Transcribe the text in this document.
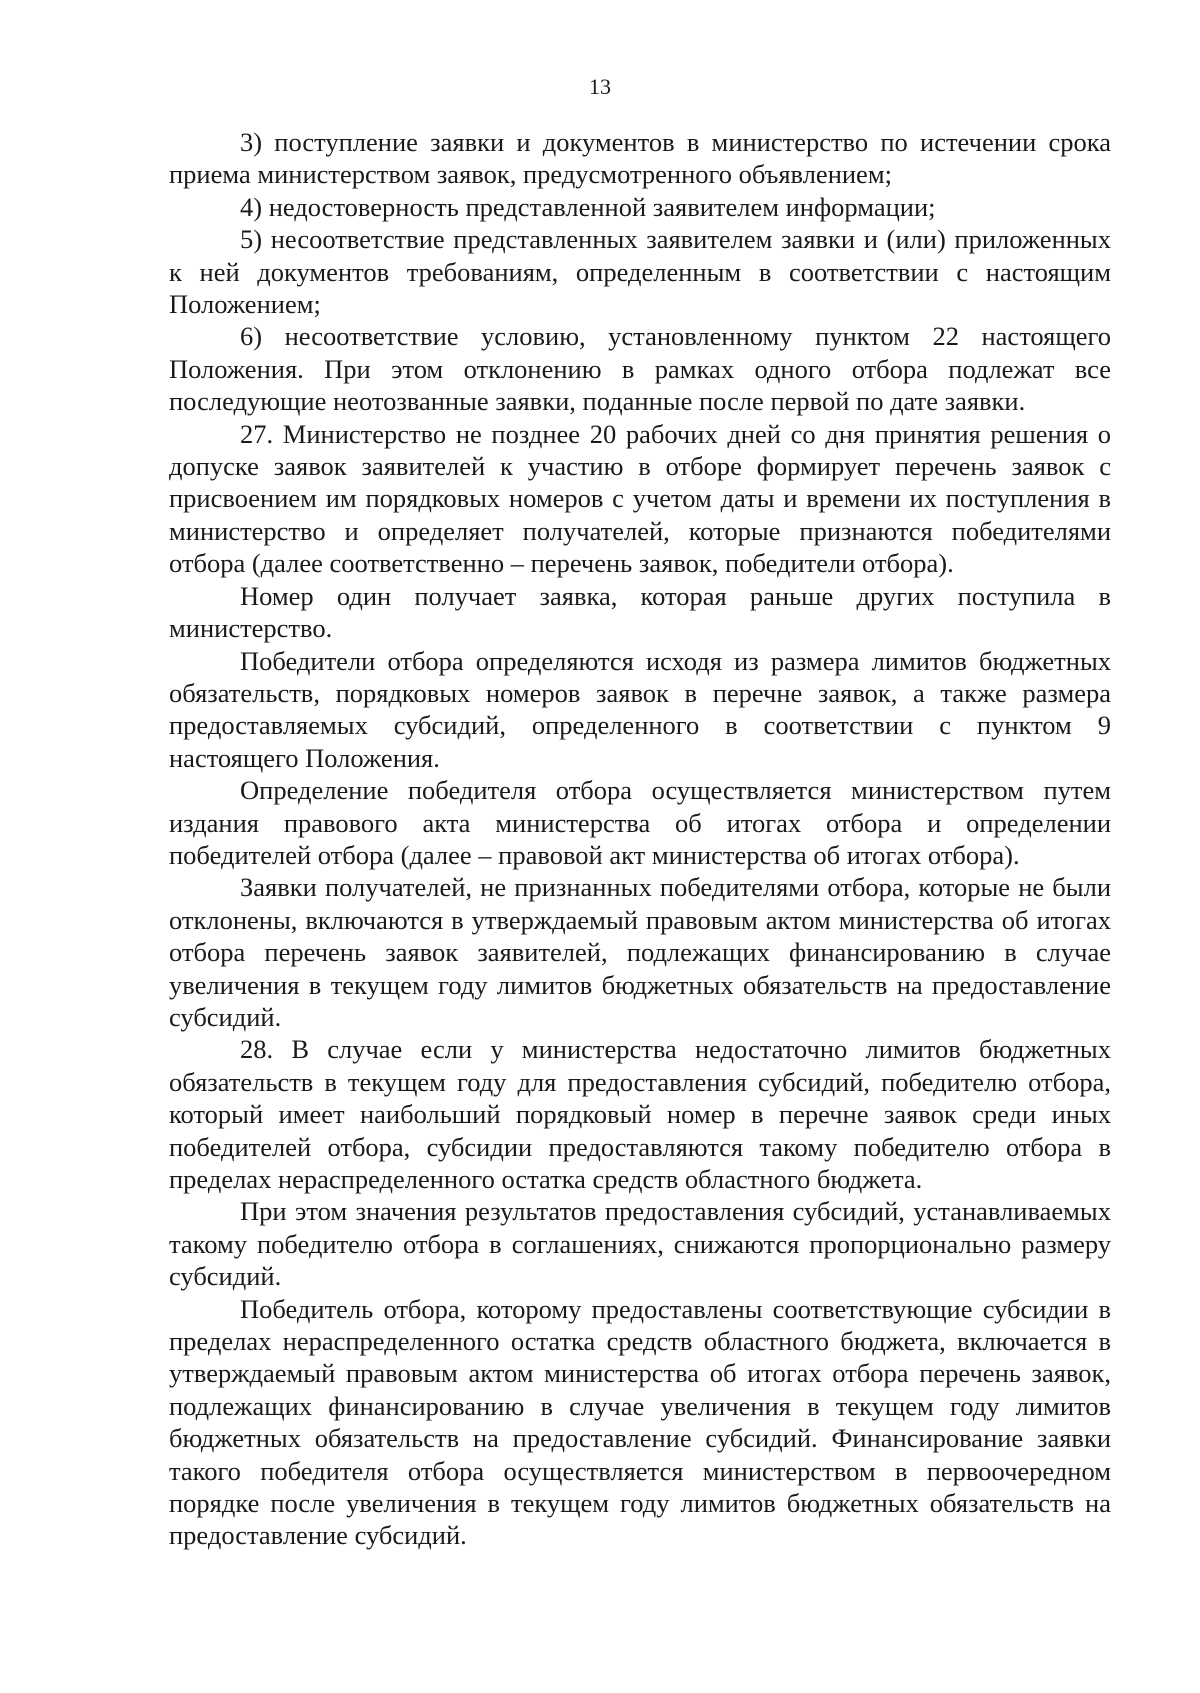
13

3) поступление заявки и документов в министерство по истечении срока приема министерством заявок, предусмотренного объявлением;

4) недостоверность представленной заявителем информации;

5) несоответствие представленных заявителем заявки и (или) приложенных к ней документов требованиям, определенным в соответствии с настоящим Положением;

6) несоответствие условию, установленному пунктом 22 настоящего Положения. При этом отклонению в рамках одного отбора подлежат все последующие неотозванные заявки, поданные после первой по дате заявки.

27. Министерство не позднее 20 рабочих дней со дня принятия решения о допуске заявок заявителей к участию в отборе формирует перечень заявок с присвоением им порядковых номеров с учетом даты и времени их поступления в министерство и определяет получателей, которые признаются победителями отбора (далее соответственно – перечень заявок, победители отбора).

Номер один получает заявка, которая раньше других поступила в министерство.

Победители отбора определяются исходя из размера лимитов бюджетных обязательств, порядковых номеров заявок в перечне заявок, а также размера предоставляемых субсидий, определенного в соответствии с пунктом 9 настоящего Положения.

Определение победителя отбора осуществляется министерством путем издания правового акта министерства об итогах отбора и определении победителей отбора (далее – правовой акт министерства об итогах отбора).

Заявки получателей, не признанных победителями отбора, которые не были отклонены, включаются в утверждаемый правовым актом министерства об итогах отбора перечень заявок заявителей, подлежащих финансированию в случае увеличения в текущем году лимитов бюджетных обязательств на предоставление субсидий.

28. В случае если у министерства недостаточно лимитов бюджетных обязательств в текущем году для предоставления субсидий, победителю отбора, который имеет наибольший порядковый номер в перечне заявок среди иных победителей отбора, субсидии предоставляются такому победителю отбора в пределах нераспределенного остатка средств областного бюджета.

При этом значения результатов предоставления субсидий, устанавливаемых такому победителю отбора в соглашениях, снижаются пропорционально размеру субсидий.

Победитель отбора, которому предоставлены соответствующие субсидии в пределах нераспределенного остатка средств областного бюджета, включается в утверждаемый правовым актом министерства об итогах отбора перечень заявок, подлежащих финансированию в случае увеличения в текущем году лимитов бюджетных обязательств на предоставление субсидий. Финансирование заявки такого победителя отбора осуществляется министерством в первоочередном порядке после увеличения в текущем году лимитов бюджетных обязательств на предоставление субсидий.
